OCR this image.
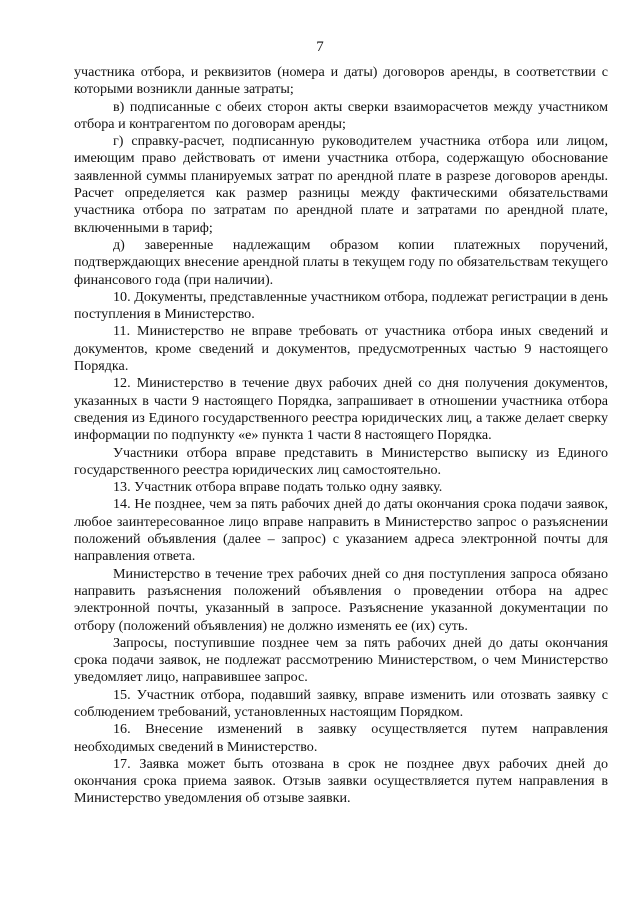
7

участника отбора, и реквизитов (номера и даты) договоров аренды, в соответствии с которыми возникли данные затраты;

в) подписанные с обеих сторон акты сверки взаиморасчетов между участником отбора и контрагентом по договорам аренды;

г) справку-расчет, подписанную руководителем участника отбора или лицом, имеющим право действовать от имени участника отбора, содержащую обоснование заявленной суммы планируемых затрат по арендной плате в разрезе договоров аренды. Расчет определяется как размер разницы между фактическими обязательствами участника отбора по затратам по арендной плате и затратами по арендной плате, включенными в тариф;

д) заверенные надлежащим образом копии платежных поручений, подтверждающих внесение арендной платы в текущем году по обязательствам текущего финансового года (при наличии).

10. Документы, представленные участником отбора, подлежат регистрации в день поступления в Министерство.

11. Министерство не вправе требовать от участника отбора иных сведений и документов, кроме сведений и документов, предусмотренных частью 9 настоящего Порядка.

12. Министерство в течение двух рабочих дней со дня получения документов, указанных в части 9 настоящего Порядка, запрашивает в отношении участника отбора сведения из Единого государственного реестра юридических лиц, а также делает сверку информации по подпункту «е» пункта 1 части 8 настоящего Порядка.

Участники отбора вправе представить в Министерство выписку из Единого государственного реестра юридических лиц самостоятельно.

13. Участник отбора вправе подать только одну заявку.

14. Не позднее, чем за пять рабочих дней до даты окончания срока подачи заявок, любое заинтересованное лицо вправе направить в Министерство запрос о разъяснении положений объявления (далее – запрос) с указанием адреса электронной почты для направления ответа.

Министерство в течение трех рабочих дней со дня поступления запроса обязано направить разъяснения положений объявления о проведении отбора на адрес электронной почты, указанный в запросе. Разъяснение указанной документации по отбору (положений объявления) не должно изменять ее (их) суть.

Запросы, поступившие позднее чем за пять рабочих дней до даты окончания срока подачи заявок, не подлежат рассмотрению Министерством, о чем Министерство уведомляет лицо, направившее запрос.

15. Участник отбора, подавший заявку, вправе изменить или отозвать заявку с соблюдением требований, установленных настоящим Порядком.

16. Внесение изменений в заявку осуществляется путем направления необходимых сведений в Министерство.

17. Заявка может быть отозвана в срок не позднее двух рабочих дней до окончания срока приема заявок. Отзыв заявки осуществляется путем направления в Министерство уведомления об отзыве заявки.
